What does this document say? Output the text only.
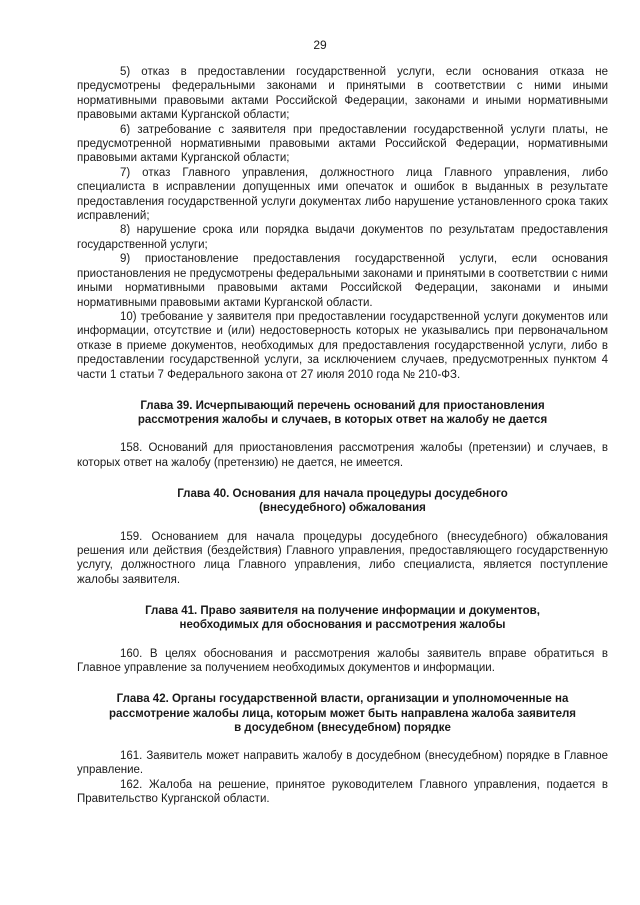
29

5) отказ в предоставлении государственной услуги, если основания отказа не предусмотрены федеральными законами и принятыми в соответствии с ними иными нормативными правовыми актами Российской Федерации, законами и иными нормативными правовыми актами Курганской области;

6) затребование с заявителя при предоставлении государственной услуги платы, не предусмотренной нормативными правовыми актами Российской Федерации, нормативными правовыми актами Курганской области;

7) отказ Главного управления, должностного лица Главного управления, либо специалиста в исправлении допущенных ими опечаток и ошибок в выданных в результате предоставления государственной услуги документах либо нарушение установленного срока таких исправлений;

8) нарушение срока или порядка выдачи документов по результатам предоставления государственной услуги;

9) приостановление предоставления государственной услуги, если основания приостановления не предусмотрены федеральными законами и принятыми в соответствии с ними иными нормативными правовыми актами Российской Федерации, законами и иными нормативными правовыми актами Курганской области.

10) требование у заявителя при предоставлении государственной услуги документов или информации, отсутствие и (или) недостоверность которых не указывались при первоначальном отказе в приеме документов, необходимых для предоставления государственной услуги, либо в предоставлении государственной услуги, за исключением случаев, предусмотренных пунктом 4 части 1 статьи 7 Федерального закона от 27 июля 2010 года № 210-ФЗ.

Глава 39. Исчерпывающий перечень оснований для приостановления
рассмотрения жалобы и случаев, в которых ответ на жалобу не дается

158. Оснований для приостановления рассмотрения жалобы (претензии) и случаев, в которых ответ на жалобу (претензию) не дается, не имеется.

Глава 40. Основания для начала процедуры досудебного
(внесудебного) обжалования

159. Основанием для начала процедуры досудебного (внесудебного) обжалования решения или действия (бездействия) Главного управления, предоставляющего государственную услугу, должностного лица Главного управления, либо специалиста, является поступление жалобы заявителя.

Глава 41. Право заявителя на получение информации и документов,
необходимых для обоснования и рассмотрения жалобы

160. В целях обоснования и рассмотрения жалобы заявитель вправе обратиться в Главное управление за получением необходимых документов и информации.

Глава 42. Органы государственной власти, организации и уполномоченные на
рассмотрение жалобы лица, которым может быть направлена жалоба заявителя
в досудебном (внесудебном) порядке

161. Заявитель может направить жалобу в досудебном (внесудебном) порядке в Главное управление.

162. Жалоба на решение, принятое руководителем Главного управления, подается в Правительство Курганской области.
